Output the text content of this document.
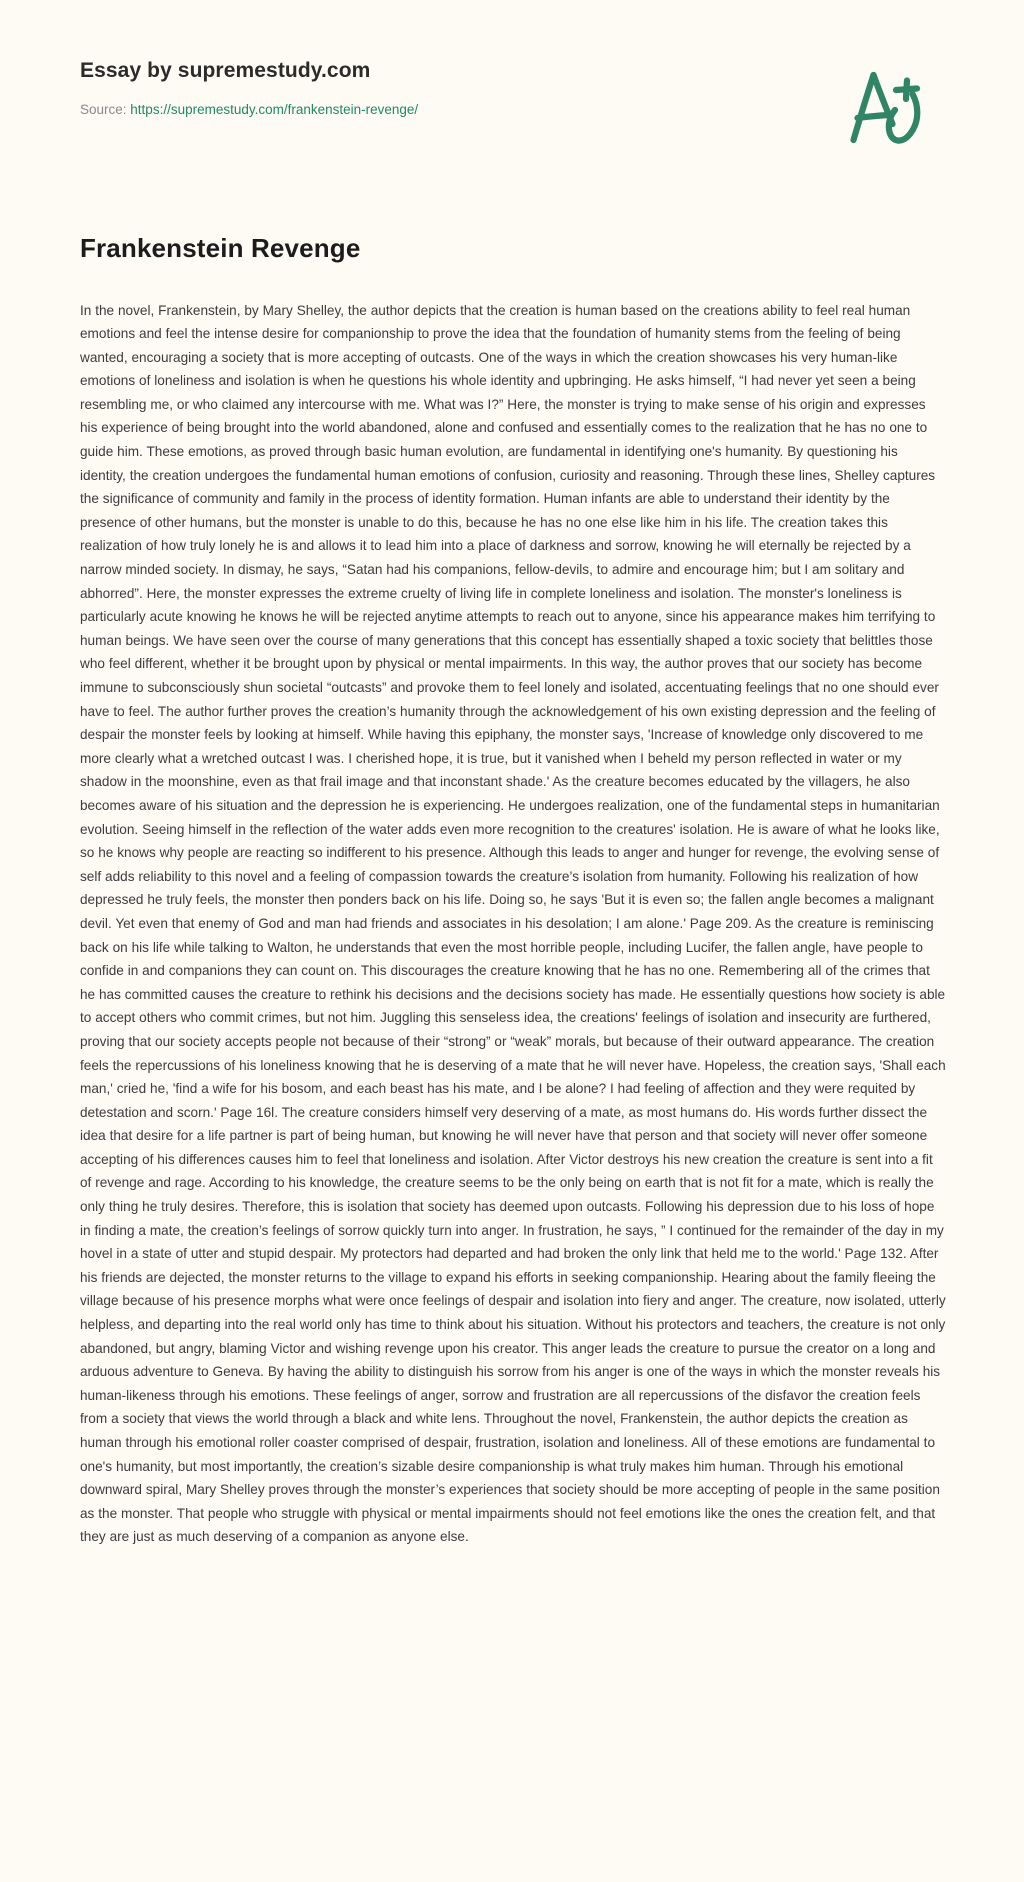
Essay by supremestudy.com
Source: https://supremestudy.com/frankenstein-revenge/
Frankenstein Revenge

In the novel, Frankenstein, by Mary Shelley, the author depicts that the creation is human based on the creations ability to feel real human emotions and feel the intense desire for companionship to prove the idea that the foundation of humanity stems from the feeling of being wanted, encouraging a society that is more accepting of outcasts. One of the ways in which the creation showcases his very human-like emotions of loneliness and isolation is when he questions his whole identity and upbringing. He asks himself, “I had never yet seen a being resembling me, or who claimed any intercourse with me. What was I?” Here, the monster is trying to make sense of his origin and expresses his experience of being brought into the world abandoned, alone and confused and essentially comes to the realization that he has no one to guide him. These emotions, as proved through basic human evolution, are fundamental in identifying one's humanity. By questioning his identity, the creation undergoes the fundamental human emotions of confusion, curiosity and reasoning. Through these lines, Shelley captures the significance of community and family in the process of identity formation. Human infants are able to understand their identity by the presence of other humans, but the monster is unable to do this, because he has no one else like him in his life. The creation takes this realization of how truly lonely he is and allows it to lead him into a place of darkness and sorrow, knowing he will eternally be rejected by a narrow minded society. In dismay, he says, “Satan had his companions, fellow-devils, to admire and encourage him; but I am solitary and abhorred”. Here, the monster expresses the extreme cruelty of living life in complete loneliness and isolation. The monster's loneliness is particularly acute knowing he knows he will be rejected anytime attempts to reach out to anyone, since his appearance makes him terrifying to human beings. We have seen over the course of many generations that this concept has essentially shaped a toxic society that belittles those who feel different, whether it be brought upon by physical or mental impairments. In this way, the author proves that our society has become immune to subconsciously shun societal “outcasts” and provoke them to feel lonely and isolated, accentuating feelings that no one should ever have to feel. The author further proves the creation’s humanity through the acknowledgement of his own existing depression and the feeling of despair the monster feels by looking at himself. While having this epiphany, the monster says, 'Increase of knowledge only discovered to me more clearly what a wretched outcast I was. I cherished hope, it is true, but it vanished when I beheld my person reflected in water or my shadow in the moonshine, even as that frail image and that inconstant shade.' As the creature becomes educated by the villagers, he also becomes aware of his situation and the depression he is experiencing. He undergoes realization, one of the fundamental steps in humanitarian evolution. Seeing himself in the reflection of the water adds even more recognition to the creatures' isolation. He is aware of what he looks like, so he knows why people are reacting so indifferent to his presence. Although this leads to anger and hunger for revenge, the evolving sense of self adds reliability to this novel and a feeling of compassion towards the creature’s isolation from humanity. Following his realization of how depressed he truly feels, the monster then ponders back on his life. Doing so, he says 'But it is even so; the fallen angle becomes a malignant devil. Yet even that enemy of God and man had friends and associates in his desolation; I am alone.' Page 209. As the creature is reminiscing back on his life while talking to Walton, he understands that even the most horrible people, including Lucifer, the fallen angle, have people to confide in and companions they can count on. This discourages the creature knowing that he has no one. Remembering all of the crimes that he has committed causes the creature to rethink his decisions and the decisions society has made. He essentially questions how society is able to accept others who commit crimes, but not him. Juggling this senseless idea, the creations' feelings of isolation and insecurity are furthered, proving that our society accepts people not because of their “strong” or “weak” morals, but because of their outward appearance. The creation feels the repercussions of his loneliness knowing that he is deserving of a mate that he will never have. Hopeless, the creation says, 'Shall each man,' cried he, 'find a wife for his bosom, and each beast has his mate, and I be alone? I had feeling of affection and they were requited by detestation and scorn.' Page 16l. The creature considers himself very deserving of a mate, as most humans do. His words further dissect the idea that desire for a life partner is part of being human, but knowing he will never have that person and that society will never offer someone accepting of his differences causes him to feel that loneliness and isolation. After Victor destroys his new creation the creature is sent into a fit of revenge and rage. According to his knowledge, the creature seems to be the only being on earth that is not fit for a mate, which is really the only thing he truly desires. Therefore, this is isolation that society has deemed upon outcasts. Following his depression due to his loss of hope in finding a mate, the creation’s feelings of sorrow quickly turn into anger. In frustration, he says, ” I continued for the remainder of the day in my hovel in a state of utter and stupid despair. My protectors had departed and had broken the only link that held me to the world.' Page 132. After his friends are dejected, the monster returns to the village to expand his efforts in seeking companionship. Hearing about the family fleeing the village because of his presence morphs what were once feelings of despair and isolation into fiery and anger. The creature, now isolated, utterly helpless, and departing into the real world only has time to think about his situation. Without his protectors and teachers, the creature is not only abandoned, but angry, blaming Victor and wishing revenge upon his creator. This anger leads the creature to pursue the creator on a long and arduous adventure to Geneva. By having the ability to distinguish his sorrow from his anger is one of the ways in which the monster reveals his human-likeness through his emotions. These feelings of anger, sorrow and frustration are all repercussions of the disfavor the creation feels from a society that views the world through a black and white lens. Throughout the novel, Frankenstein, the author depicts the creation as human through his emotional roller coaster comprised of despair, frustration, isolation and loneliness. All of these emotions are fundamental to one's humanity, but most importantly, the creation’s sizable desire companionship is what truly makes him human. Through his emotional downward spiral, Mary Shelley proves through the monster’s experiences that society should be more accepting of people in the same position as the monster. That people who struggle with physical or mental impairments should not feel emotions like the ones the creation felt, and that they are just as much deserving of a companion as anyone else.
